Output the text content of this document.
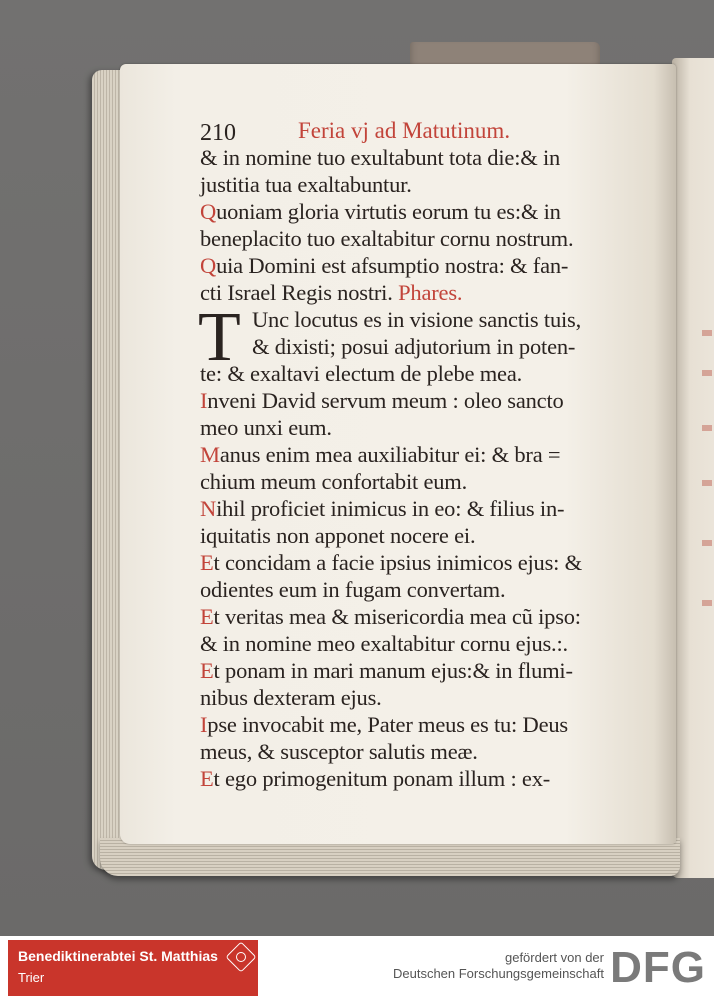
210	Feria vj ad Matutinum.
& in nomine tuo exultabunt tota die:& in
justitia tua exaltabuntur.
Quoniam gloria virtutis eorum tu es:& in
beneplacito tuo exaltabitur cornu nostrum.
Quia Domini est afsumptio nostra: & fan-
cti Israel Regis nostri. Phares.
T Unc locutus es in visione sanctis tuis,
& dixisti; posui adjutorium in poten-
te: & exaltavi electum de plebe mea.
Inveni David servum meum : oleo sancto
meo unxi eum.
Manus enim mea auxiliabitur ei: & bra =
chium meum confortabit eum.
Nihil proficiet inimicus in eo: & filius in-
iquitatis non apponet nocere ei.
Et concidam a facie ipsius inimicos ejus: &
odientes eum in fugam convertam.
Et veritas mea & misericordia mea cũ ipso:
& in nomine meo exaltabitur cornu ejus.:.
Et ponam in mari manum ejus:& in flumi-
nibus dexteram ejus.
Ipse invocabit me, Pater meus es tu: Deus
meus, & susceptor salutis meæ.
Et ego primogenitum ponam illum : ex-
Benediktinerabtei St. Matthias
Trier
gefördert von der
Deutschen Forschungsgemeinschaft DFG
